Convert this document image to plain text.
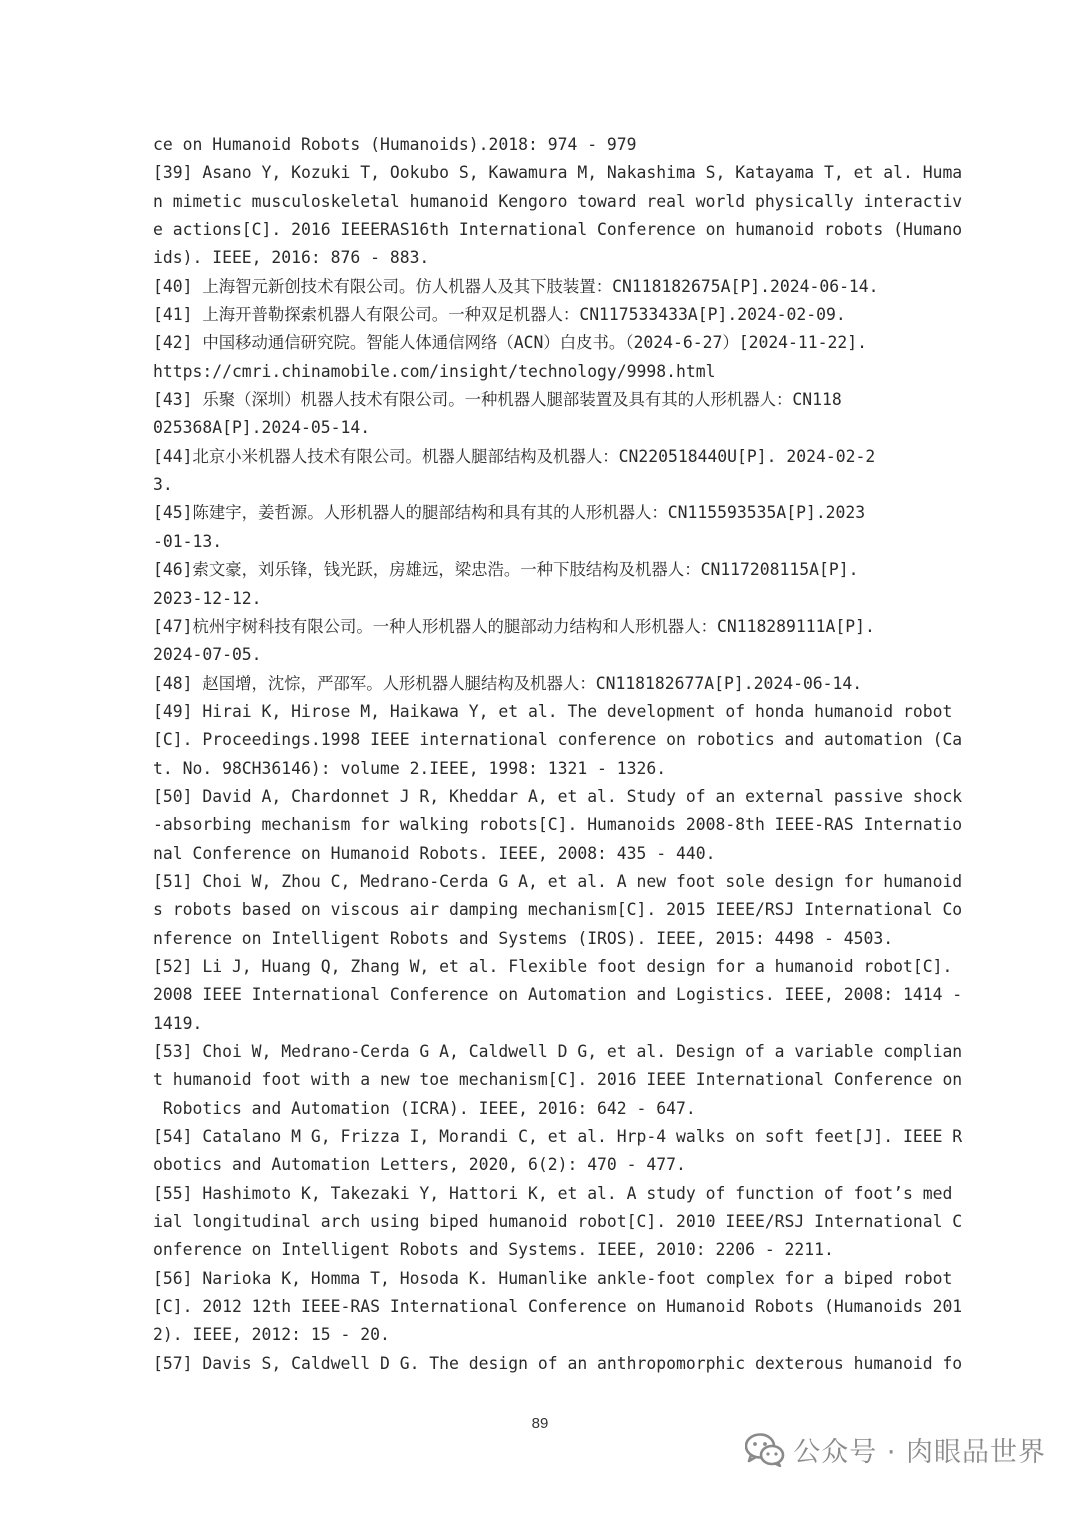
ce on Humanoid Robots (Humanoids).2018: 974 - 979
[39] Asano Y, Kozuki T, Ookubo S, Kawamura M, Nakashima S, Katayama T, et al. Huma
n mimetic musculoskeletal humanoid Kengoro toward real world physically interactiv
e actions[C]. 2016 IEEERAS16th International Conference on humanoid robots (Humano
ids). IEEE, 2016: 876 - 883.
[40] 上海智元新创技术有限公司。仿人机器人及其下肢装置：CN118182675A[P].2024-06-14.
[41] 上海开普勒探索机器人有限公司。一种双足机器人：CN117533433A[P].2024-02-09.
[42] 中国移动通信研究院。智能人体通信网络（ACN）白皮书。（2024-6-27）[2024-11-22].
https://cmri.chinamobile.com/insight/technology/9998.html
[43] 乐聚（深圳）机器人技术有限公司。一种机器人腿部装置及具有其的人形机器人：CN118
025368A[P].2024-05-14.
[44]北京小米机器人技术有限公司。机器人腿部结构及机器人：CN220518440U[P]. 2024-02-2
3.
[45]陈建宇，姜哲源。人形机器人的腿部结构和具有其的人形机器人：CN115593535A[P].2023
-01-13.
[46]索文豪，刘乐锋，钱光跃，房雄远，梁忠浩。一种下肢结构及机器人：CN117208115A[P].
2023-12-12.
[47]杭州宇树科技有限公司。一种人形机器人的腿部动力结构和人形机器人：CN118289111A[P].
2024-07-05.
[48] 赵国增，沈悰，严邵军。人形机器人腿结构及机器人：CN118182677A[P].2024-06-14.
[49] Hirai K, Hirose M, Haikawa Y, et al. The development of honda humanoid robot
[C]. Proceedings.1998 IEEE international conference on robotics and automation (Ca
t. No. 98CH36146): volume 2.IEEE, 1998: 1321 - 1326.
[50] David A, Chardonnet J R, Kheddar A, et al. Study of an external passive shock
-absorbing mechanism for walking robots[C]. Humanoids 2008-8th IEEE-RAS Internatio
nal Conference on Humanoid Robots. IEEE, 2008: 435 - 440.
[51] Choi W, Zhou C, Medrano-Cerda G A, et al. A new foot sole design for humanoid
s robots based on viscous air damping mechanism[C]. 2015 IEEE/RSJ International Co
nference on Intelligent Robots and Systems (IROS). IEEE, 2015: 4498 - 4503.
[52] Li J, Huang Q, Zhang W, et al. Flexible foot design for a humanoid robot[C].
2008 IEEE International Conference on Automation and Logistics. IEEE, 2008: 1414 -
1419.
[53] Choi W, Medrano-Cerda G A, Caldwell D G, et al. Design of a variable complian
t humanoid foot with a new toe mechanism[C]. 2016 IEEE International Conference on
Robotics and Automation (ICRA). IEEE, 2016: 642 - 647.
[54] Catalano M G, Frizza I, Morandi C, et al. Hrp-4 walks on soft feet[J]. IEEE R
obotics and Automation Letters, 2020, 6(2): 470 - 477.
[55] Hashimoto K, Takezaki Y, Hattori K, et al. A study of function of foot’s med
ial longitudinal arch using biped humanoid robot[C]. 2010 IEEE/RSJ International C
onference on Intelligent Robots and Systems. IEEE, 2010: 2206 - 2211.
[56] Narioka K, Homma T, Hosoda K. Humanlike ankle-foot complex for a biped robot
[C]. 2012 12th IEEE-RAS International Conference on Humanoid Robots (Humanoids 201
2). IEEE, 2012: 15 - 20.
[57] Davis S, Caldwell D G. The design of an anthropomorphic dexterous humanoid fo
89
公众号 · 肉眼品世界
